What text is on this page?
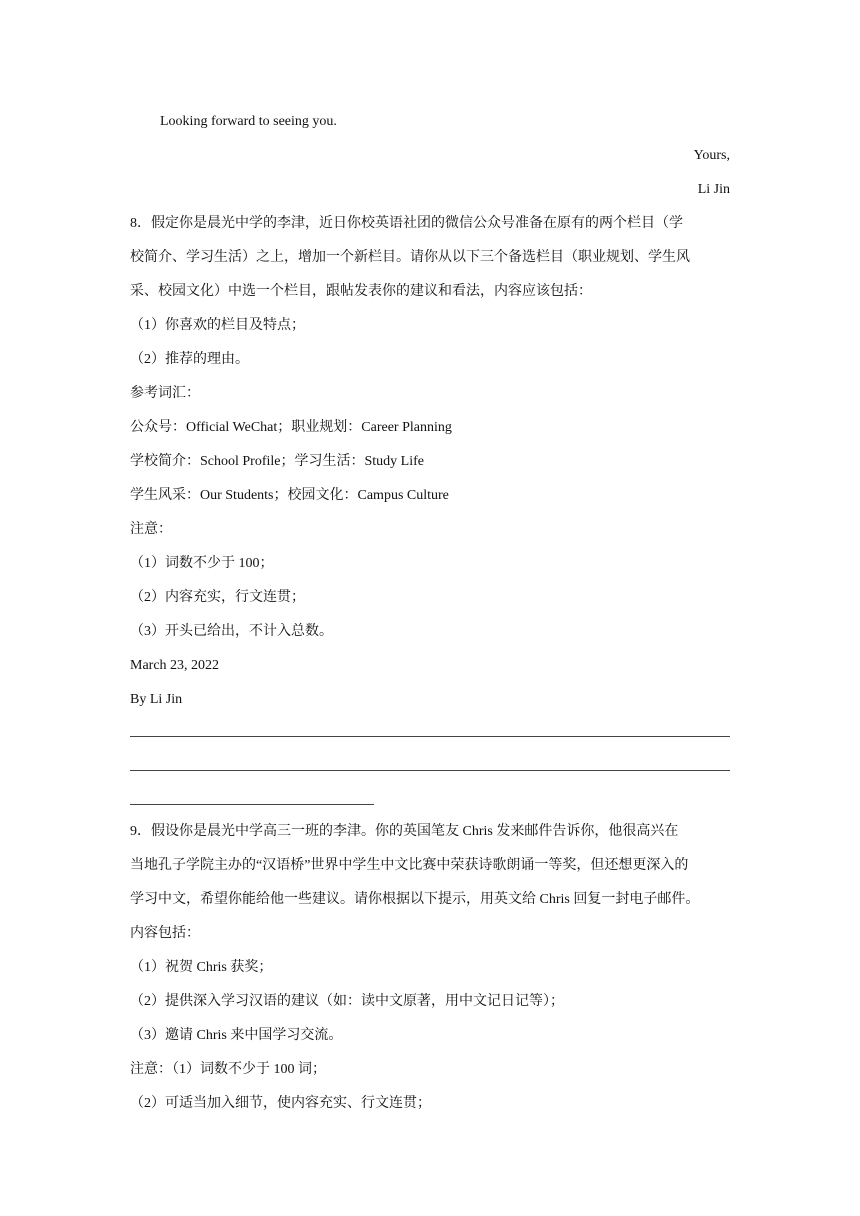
Looking forward to seeing you.
Yours,
Li Jin
8．假定你是晨光中学的李津，近日你校英语社团的微信公众号准备在原有的两个栏目（学
校简介、学习生活）之上，增加一个新栏目。请你从以下三个备选栏目（职业规划、学生风
采、校园文化）中选一个栏目，跟帖发表你的建议和看法，内容应该包括：
（1）你喜欢的栏目及特点；
（2）推荐的理由。
参考词汇：
公众号：Official WeChat；职业规划：Career Planning
学校简介：School Profile；学习生活：Study Life
学生风采：Our Students；校园文化：Campus Culture
注意：
（1）词数不少于 100；
（2）内容充实，行文连贯；
（3）开头已给出，不计入总数。
March 23, 2022
By Li Jin
9．假设你是晨光中学高三一班的李津。你的英国笔友 Chris 发来邮件告诉你，他很高兴在
当地孔子学院主办的“汉语桥”世界中学生中文比赛中荣获诗歌朗诵一等奖，但还想更深入的
学习中文，希望你能给他一些建议。请你根据以下提示，用英文给 Chris 回复一封电子邮件。
内容包括：
（1）祝贺 Chris 获奖；
（2）提供深入学习汉语的建议（如：读中文原著，用中文记日记等）；
（3）邀请 Chris 来中国学习交流。
注意：（1）词数不少于 100 词；
（2）可适当加入细节，使内容充实、行文连贯；
